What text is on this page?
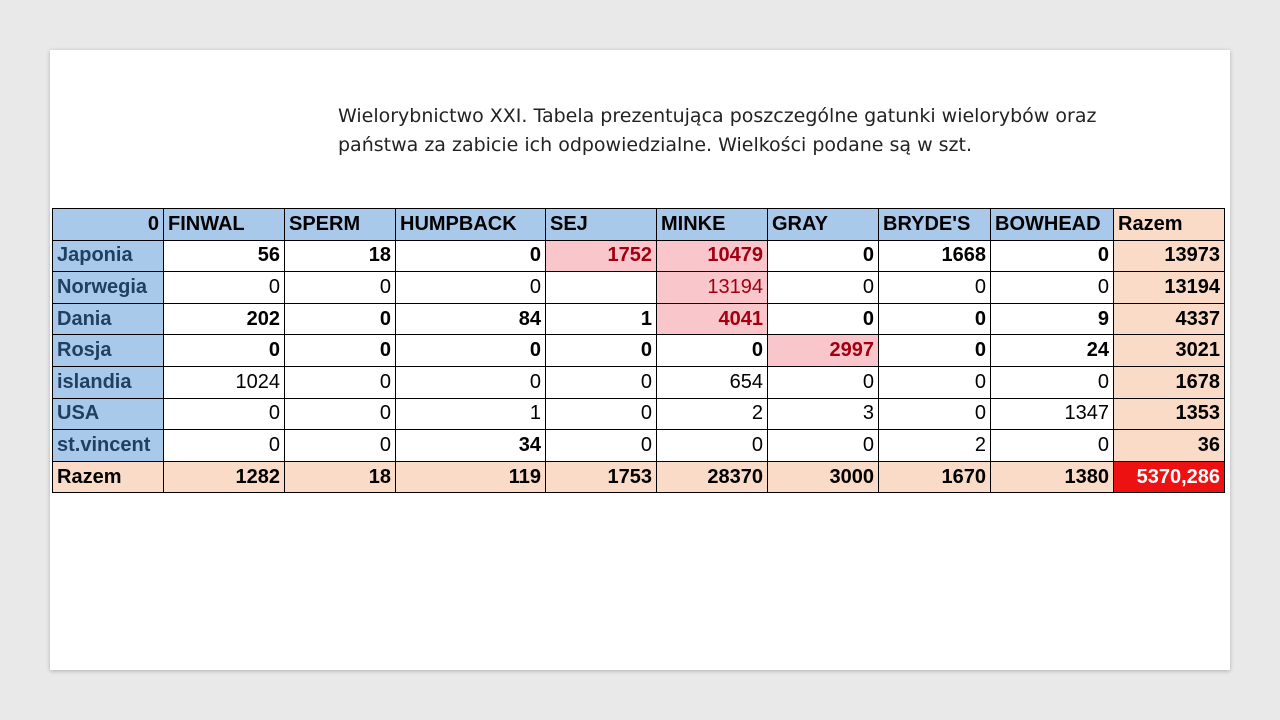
Wielorybnictwo XXI. Tabela prezentująca poszczególne gatunki wielorybów oraz
państwa za zabicie ich odpowiedzialne. Wielkości podane są w szt.
0	FINWAL	SPERM	HUMPBACK	SEJ	MINKE	GRAY	BRYDE'S	BOWHEAD	Razem
Japonia	56	18	0	1752	10479	0	1668	0	13973
Norwegia	0	0	0		13194	0	0	0	13194
Dania	202	0	84	1	4041	0	0	9	4337
Rosja	0	0	0	0	0	2997	0	24	3021
islandia	1024	0	0	0	654	0	0	0	1678
USA	0	0	1	0	2	3	0	1347	1353
st.vincent	0	0	34	0	0	0	2	0	36
Razem	1282	18	119	1753	28370	3000	1670	1380	5370,286
